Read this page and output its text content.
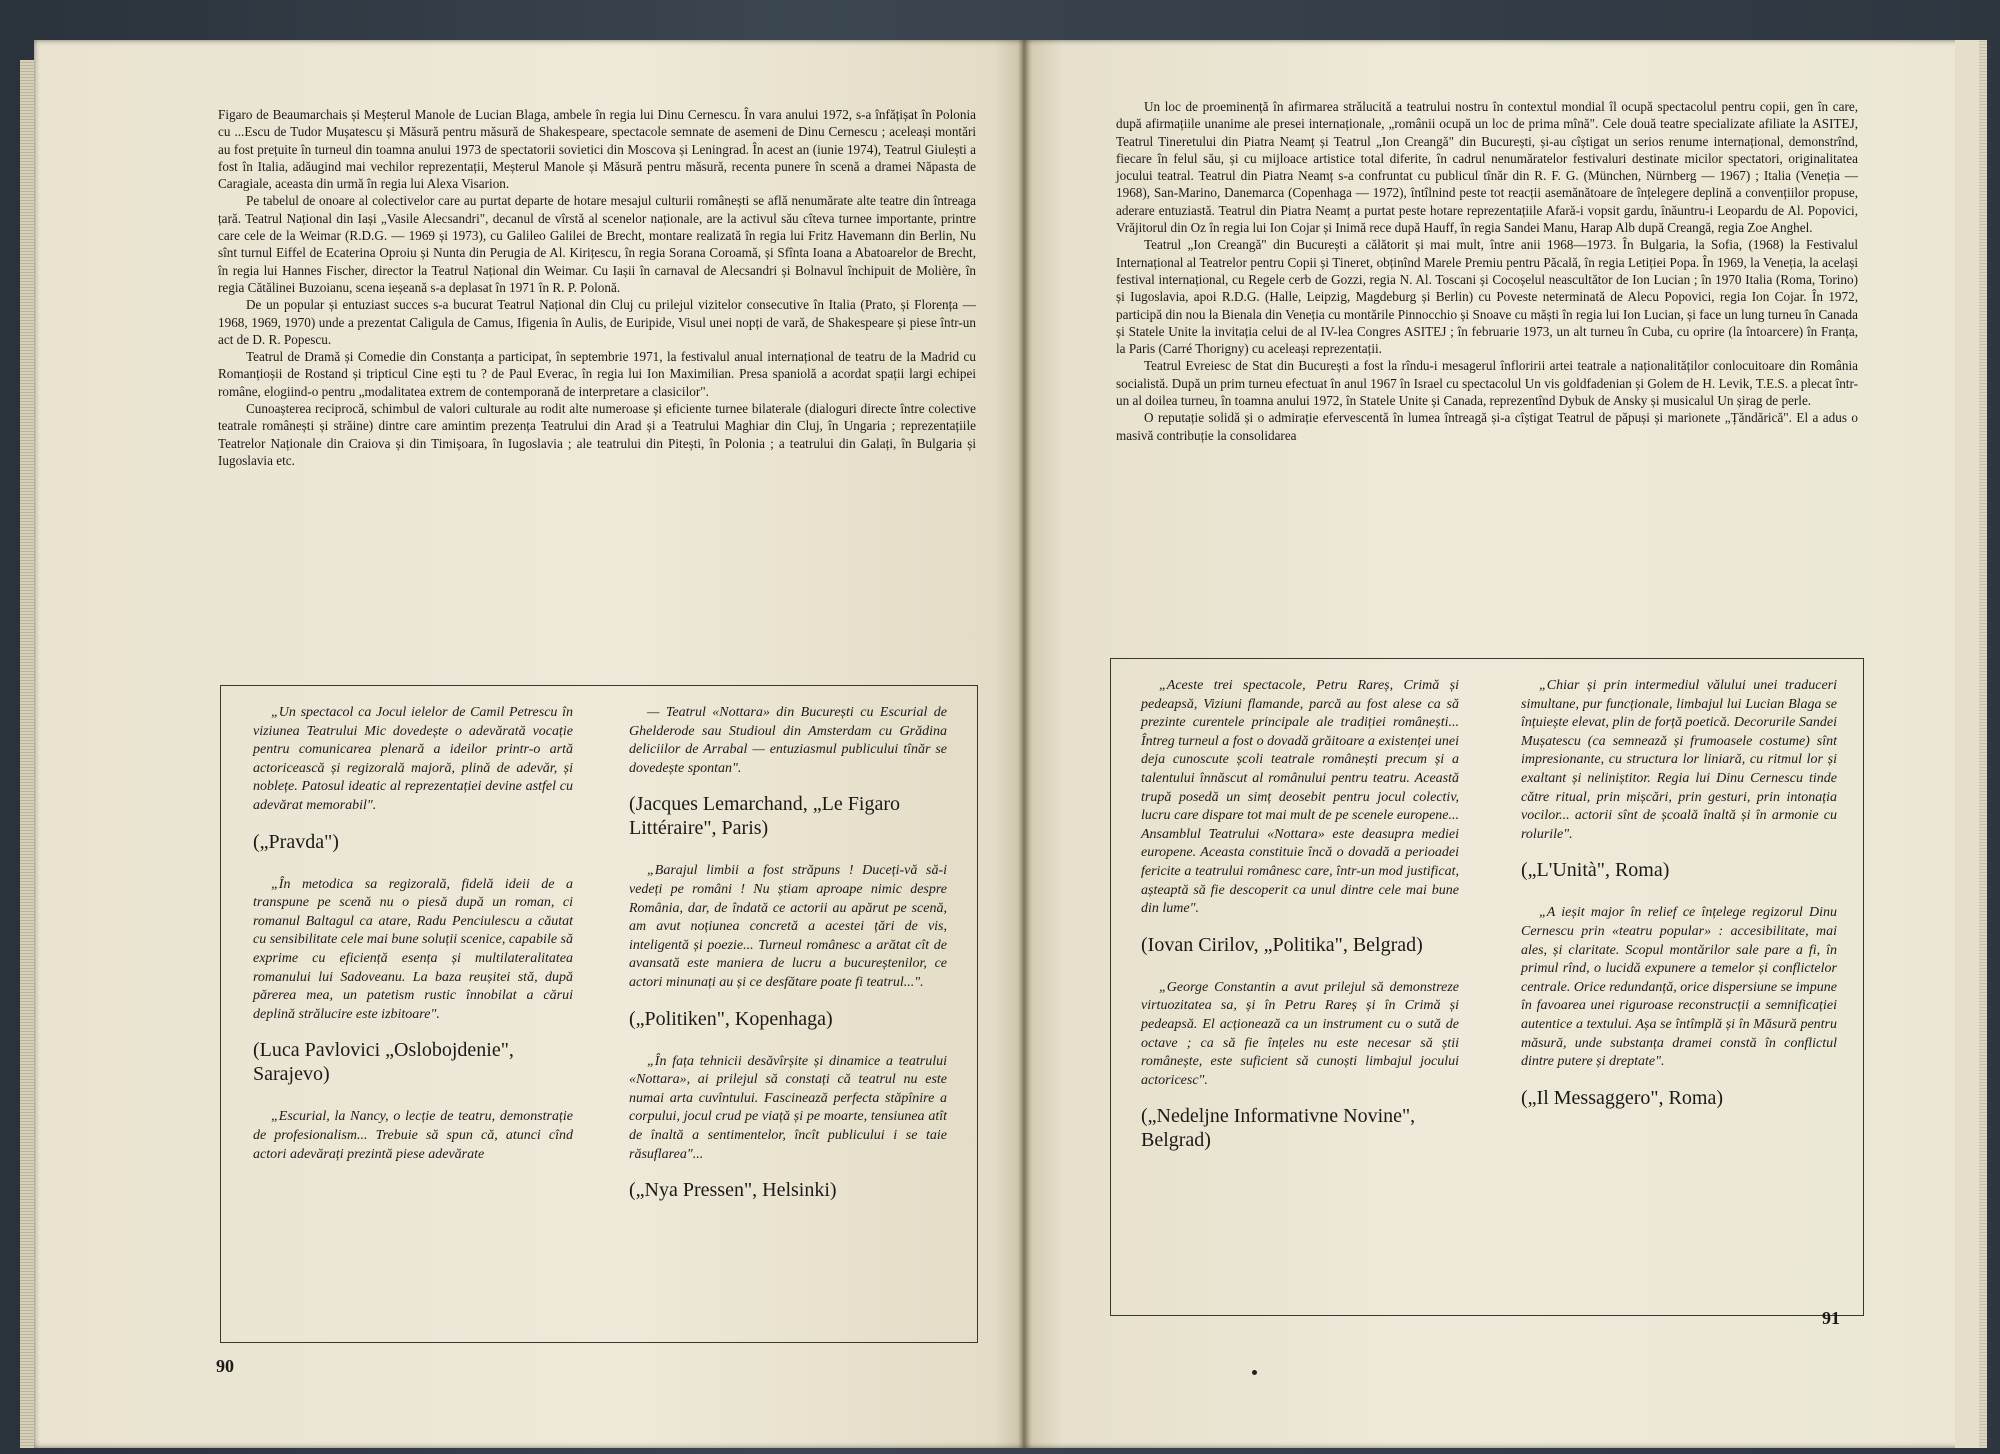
Figaro de Beaumarchais și Meșterul Manole de Lucian Blaga, ambele în regia lui Dinu Cernescu. În vara anului 1972, s-a înfățișat în Polonia cu ...Escu de Tudor Mușatescu și Măsură pentru măsură de Shakespeare, spectacole semnate de asemeni de Dinu Cernescu ; aceleași montări au fost prețuite în turneul din toamna anului 1973 de spectatorii sovietici din Moscova și Leningrad. În acest an (iunie 1974), Teatrul Giulești a fost în Italia, adăugind mai vechilor reprezentații, Meșterul Manole și Măsură pentru măsură, recenta punere în scenă a dramei Năpasta de Caragiale, aceasta din urmă în regia lui Alexa Visarion.

Pe tabelul de onoare al colectivelor care au purtat departe de hotare mesajul culturii românești se află nenumărate alte teatre din întreaga țară. Teatrul Național din Iași „Vasile Alecsandri", decanul de vîrstă al scenelor naționale, are la activul său cîteva turnee importante, printre care cele de la Weimar (R.D.G. — 1969 și 1973), cu Galileo Galilei de Brecht, montare realizată în regia lui Fritz Havemann din Berlin, Nu sînt turnul Eiffel de Ecaterina Oproiu și Nunta din Perugia de Al. Kirițescu, în regia Sorana Coroamă, și Sfînta Ioana a Abatoarelor de Brecht, în regia lui Hannes Fischer, director la Teatrul Național din Weimar. Cu Iașii în carnaval de Alecsandri și Bolnavul închipuit de Molière, în regia Cătălinei Buzoianu, scena ieșeană s-a deplasat în 1971 în R. P. Polonă.

De un popular și entuziast succes s-a bucurat Teatrul Național din Cluj cu prilejul vizitelor consecutive în Italia (Prato, și Florența — 1968, 1969, 1970) unde a prezentat Caligula de Camus, Ifigenia în Aulis, de Euripide, Visul unei nopți de vară, de Shakespeare și piese într-un act de D. R. Popescu.

Teatrul de Dramă și Comedie din Constanța a participat, în septembrie 1971, la festivalul anual internațional de teatru de la Madrid cu Romanțioșii de Rostand și tripticul Cine ești tu ? de Paul Everac, în regia lui Ion Maximilian. Presa spaniolă a acordat spații largi echipei române, elogiind-o pentru „modalitatea extrem de contemporană de interpretare a clasicilor".

Cunoașterea reciprocă, schimbul de valori culturale au rodit alte numeroase și eficiente turnee bilaterale (dialoguri directe între colective teatrale românești și străine) dintre care amintim prezența Teatrului din Arad și a Teatrului Maghiar din Cluj, în Ungaria ; reprezentațiile Teatrelor Naționale din Craiova și din Timișoara, în Iugoslavia ; ale teatrului din Pitești, în Polonia ; a teatrului din Galați, în Bulgaria și Iugoslavia etc.

„Un spectacol ca Jocul ielelor de Camil Petrescu în viziunea Teatrului Mic dovedește o adevărată vocație pentru comunicarea plenară a ideilor printr-o artă actoricească și regizorală majoră, plină de adevăr, și noblețe. Patosul ideatic al reprezentației devine astfel cu adevărat memorabil".

(„Pravda")

„În metodica sa regizorală, fidelă ideii de a transpune pe scenă nu o piesă după un roman, ci romanul Baltagul ca atare, Radu Penciulescu a căutat cu sensibilitate cele mai bune soluții scenice, capabile să exprime cu eficiență esența și multilateralitatea romanului lui Sadoveanu. La baza reușitei stă, după părerea mea, un patetism rustic înnobilat a cărui deplină strălucire este izbitoare".

(Luca Pavlovici „Oslobojdenie", Sarajevo)

„Escurial, la Nancy, o lecție de teatru, demonstrație de profesionalism... Trebuie să spun că, atunci cînd actori adevărați prezintă piese adevărate

— Teatrul «Nottara» din București cu Escurial de Ghelderode sau Studioul din Amsterdam cu Grădina deliciilor de Arrabal — entuziasmul publicului tînăr se dovedește spontan".

(Jacques Lemarchand, „Le Figaro Littéraire", Paris)

„Barajul limbii a fost străpuns ! Duceți-vă să-i vedeți pe români ! Nu știam aproape nimic despre România, dar, de îndată ce actorii au apărut pe scenă, am avut noțiunea concretă a acestei țări de vis, inteligentă și poezie... Turneul românesc a arătat cît de avansată este maniera de lucru a bucureștenilor, ce actori minunați au și ce desfătare poate fi teatrul...".

(„Politiken", Kopenhaga)

„În fața tehnicii desăvîrșite și dinamice a teatrului «Nottara», ai prilejul să constați că teatrul nu este numai arta cuvîntului. Fascinează perfecta stăpînire a corpului, jocul crud pe viață și pe moarte, tensiunea atît de înaltă a sentimentelor, încît publicului i se taie răsuflarea"...

(„Nya Pressen", Helsinki)

90

Un loc de proeminență în afirmarea strălucită a teatrului nostru în contextul mondial îl ocupă spectacolul pentru copii, gen în care, după afirmațiile unanime ale presei internaționale, „românii ocupă un loc de prima mînă". Cele două teatre specializate afiliate la ASITEJ, Teatrul Tineretului din Piatra Neamț și Teatrul „Ion Creangă" din București, și-au cîștigat un serios renume internațional, demonstrînd, fiecare în felul său, și cu mijloace artistice total diferite, în cadrul nenumăratelor festivaluri destinate micilor spectatori, originalitatea jocului teatral. Teatrul din Piatra Neamț s-a confruntat cu publicul tînăr din R. F. G. (München, Nürnberg — 1967) ; Italia (Veneția — 1968), San-Marino, Danemarca (Copenhaga — 1972), întîlnind peste tot reacții asemănătoare de înțelegere deplină a convențiilor propuse, aderare entuziastă. Teatrul din Piatra Neamț a purtat peste hotare reprezentațiile Afară-i vopsit gardu, înăuntru-i Leopardu de Al. Popovici, Vrăjitorul din Oz în regia lui Ion Cojar și Inimă rece după Hauff, în regia Sandei Manu, Harap Alb după Creangă, regia Zoe Anghel.

Teatrul „Ion Creangă" din București a călătorit și mai mult, între anii 1968—1973. În Bulgaria, la Sofia, (1968) la Festivalul Internațional al Teatrelor pentru Copii și Tineret, obținînd Marele Premiu pentru Păcală, în regia Letiției Popa. În 1969, la Veneția, la același festival internațional, cu Regele cerb de Gozzi, regia N. Al. Toscani și Cocoșelul neascultător de Ion Lucian ; în 1970 Italia (Roma, Torino) și Iugoslavia, apoi R.D.G. (Halle, Leipzig, Magdeburg și Berlin) cu Poveste neterminată de Alecu Popovici, regia Ion Cojar. În 1972, participă din nou la Bienala din Veneția cu montările Pinnocchio și Snoave cu măști în regia lui Ion Lucian, și face un lung turneu în Canada și Statele Unite la invitația celui de al IV-lea Congres ASITEJ ; în februarie 1973, un alt turneu în Cuba, cu oprire (la întoarcere) în Franța, la Paris (Carré Thorigny) cu aceleași reprezentații.

Teatrul Evreiesc de Stat din București a fost la rîndu-i mesagerul înfloririi artei teatrale a naționalităților conlocuitoare din România socialistă. După un prim turneu efectuat în anul 1967 în Israel cu spectacolul Un vis goldfadenian și Golem de H. Levik, T.E.S. a plecat într-un al doilea turneu, în toamna anului 1972, în Statele Unite și Canada, reprezentînd Dybuk de Ansky și musicalul Un șirag de perle.

O reputație solidă și o admirație efervescentă în lumea întreagă și-a cîștigat Teatrul de păpuși și marionete „Țăndărică". El a adus o masivă contribuție la consolidarea

„Aceste trei spectacole, Petru Rareș, Crimă și pedeapsă, Viziuni flamande, parcă au fost alese ca să prezinte curentele principale ale tradiției românești... Întreg turneul a fost o dovadă grăitoare a existenței unei deja cunoscute școli teatrale românești precum și a talentului înnăscut al românului pentru teatru. Această trupă posedă un simț deosebit pentru jocul colectiv, lucru care dispare tot mai mult de pe scenele europene... Ansamblul Teatrului «Nottara» este deasupra mediei europene. Aceasta constituie încă o dovadă a perioadei fericite a teatrului românesc care, într-un mod justificat, așteaptă să fie descoperit ca unul dintre cele mai bune din lume".

(Iovan Cirilov, „Politika", Belgrad)

„George Constantin a avut prilejul să demonstreze virtuozitatea sa, și în Petru Rareș și în Crimă și pedeapsă. El acționează ca un instrument cu o sută de octave ; ca să fie înțeles nu este necesar să știi românește, este suficient să cunoști limbajul jocului actoricesc".

(„Nedeljne Informativne Novine", Belgrad)

„Chiar și prin intermediul vălului unei traduceri simultane, pur funcționale, limbajul lui Lucian Blaga se înțuiește elevat, plin de forță poetică. Decorurile Sandei Mușatescu (ca semneazǎ și frumoasele costume) sînt impresionante, cu structura lor liniară, cu ritmul lor și exaltant și neliniștitor. Regia lui Dinu Cernescu tinde către ritual, prin mișcări, prin gesturi, prin intonația vocilor... actorii sînt de școală înaltă și în armonie cu rolurile".

(„L'Unità", Roma)

„A ieșit major în relief ce înțelege regizorul Dinu Cernescu prin «teatru popular» : accesibilitate, mai ales, și claritate. Scopul montărilor sale pare a fi, în primul rînd, o lucidă expunere a temelor și conflictelor centrale. Orice redundanță, orice dispersiune se impune în favoarea unei riguroase reconstrucții a semnificației autentice a textului. Așa se întîmplă și în Măsură pentru măsură, unde substanța dramei constă în conflictul dintre putere și dreptate".

(„Il Messaggero", Roma)

91
